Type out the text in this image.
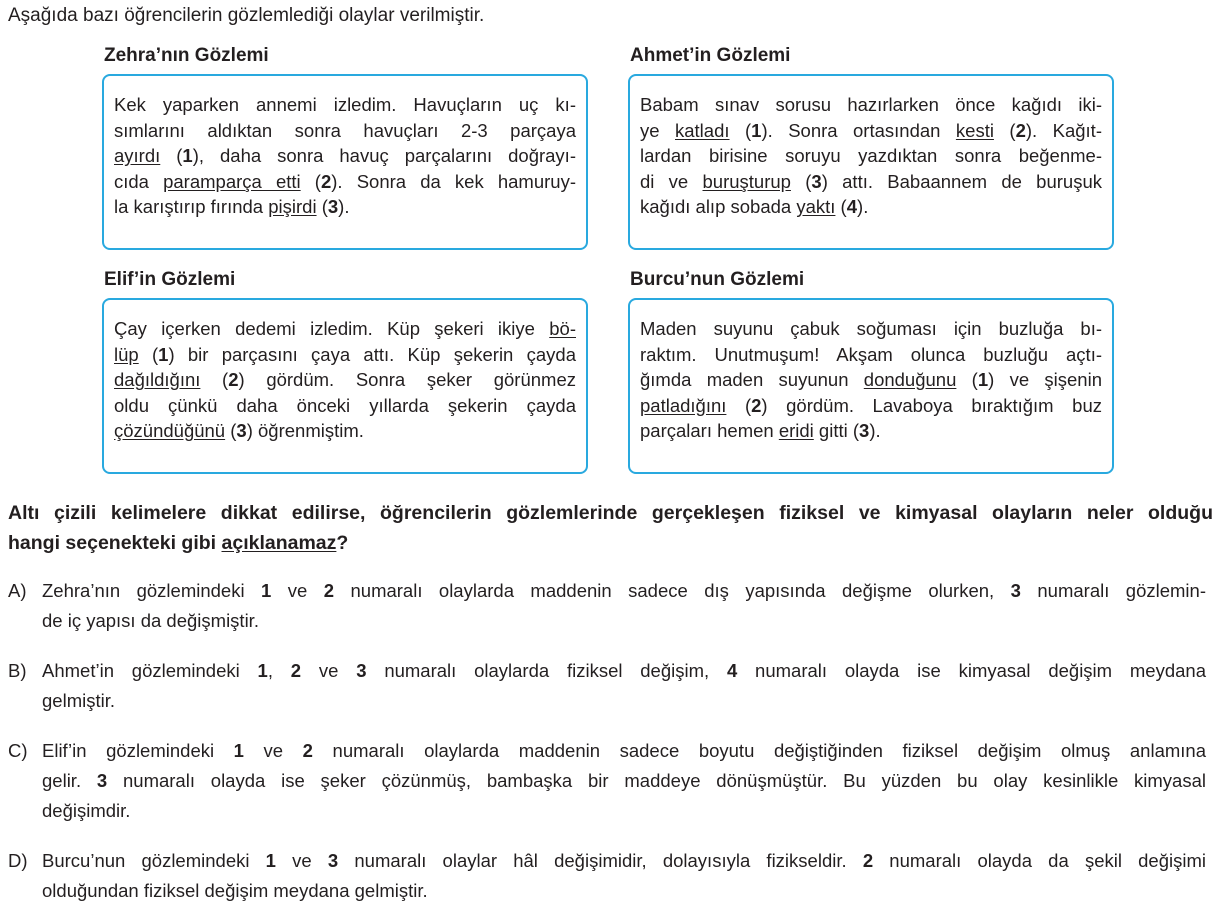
Aşağıda bazı öğrencilerin gözlemlediği olaylar verilmiştir.
Zehra’nın Gözlemi
Kek yaparken annemi izledim. Havuçların uç kı-
sımlarını aldıktan sonra havuçları 2-3 parçaya
ayırdı (1), daha sonra havuç parçalarını doğrayı-
cıda paramparça etti (2). Sonra da kek hamuruy-
la karıştırıp fırında pişirdi (3).
Ahmet’in Gözlemi
Babam sınav sorusu hazırlarken önce kağıdı iki-
ye katladı (1). Sonra ortasından kesti (2). Kağıt-
lardan birisine soruyu yazdıktan sonra beğenme-
di ve buruşturup (3) attı. Babaannem de buruşuk
kağıdı alıp sobada yaktı (4).
Elif’in Gözlemi
Çay içerken dedemi izledim. Küp şekeri ikiye bö-
lüp (1) bir parçasını çaya attı. Küp şekerin çayda
dağıldığını (2) gördüm. Sonra şeker görünmez
oldu çünkü daha önceki yıllarda şekerin çayda
çözündüğünü (3) öğrenmiştim.
Burcu’nun Gözlemi
Maden suyunu çabuk soğuması için buzluğa bı-
raktım. Unutmuşum! Akşam olunca buzluğu açtı-
ğımda maden suyunun donduğunu (1) ve şişenin
patladığını (2) gördüm. Lavaboya bıraktığım buz
parçaları hemen eridi gitti (3).
Altı çizili kelimelere dikkat edilirse, öğrencilerin gözlemlerinde gerçekleşen fiziksel ve kimyasal olayların neler olduğu
hangi seçenekteki gibi açıklanamaz?
A) Zehra’nın gözlemindeki 1 ve 2 numaralı olaylarda maddenin sadece dış yapısında değişme olurken, 3 numaralı gözlemin-
de iç yapısı da değişmiştir.
B) Ahmet’in gözlemindeki 1, 2 ve 3 numaralı olaylarda fiziksel değişim, 4 numaralı olayda ise kimyasal değişim meydana
gelmiştir.
C) Elif’in gözlemindeki 1 ve 2 numaralı olaylarda maddenin sadece boyutu değiştiğinden fiziksel değişim olmuş anlamına
gelir. 3 numaralı olayda ise şeker çözünmüş, bambaşka bir maddeye dönüşmüştür. Bu yüzden bu olay kesinlikle kimyasal
değişimdir.
D) Burcu’nun gözlemindeki 1 ve 3 numaralı olaylar hâl değişimidir, dolayısıyla fizikseldir. 2 numaralı olayda da şekil değişimi
olduğundan fiziksel değişim meydana gelmiştir.
